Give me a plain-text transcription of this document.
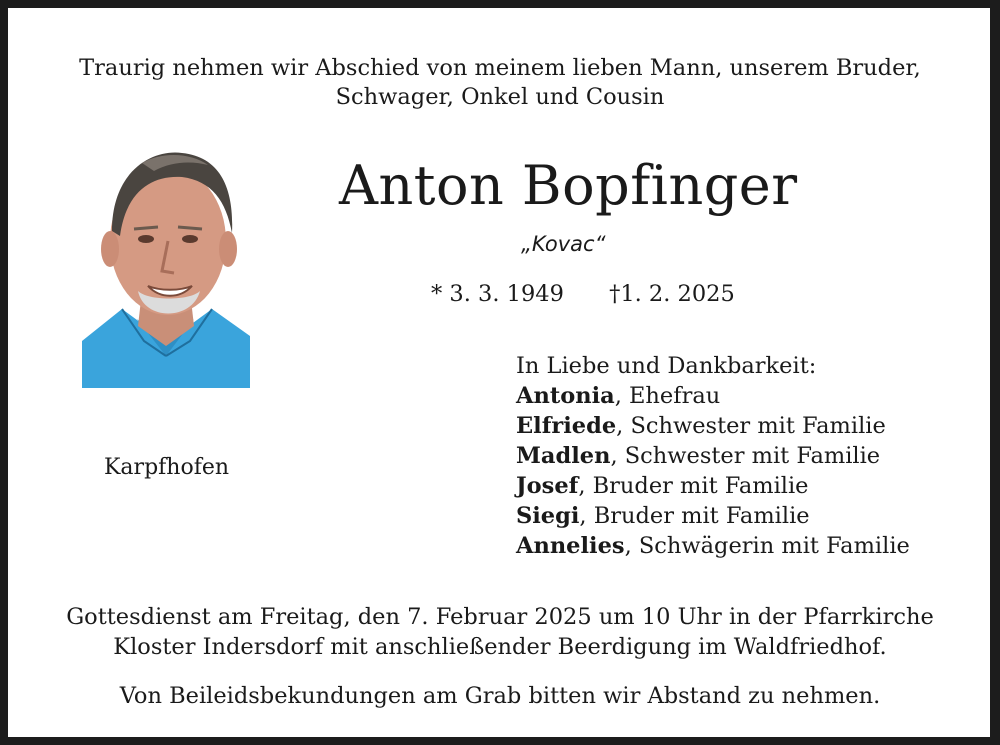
Traurig nehmen wir Abschied von meinem lieben Mann, unserem Bruder,
Schwager, Onkel und Cousin
Karpfhofen
Anton Bopfinger
„Kovac“
* 3. 3. 1949 †1. 2. 2025
In Liebe und Dankbarkeit:
Antonia, Ehefrau
Elfriede, Schwester mit Familie
Madlen, Schwester mit Familie
Josef, Bruder mit Familie
Siegi, Bruder mit Familie
Annelies, Schwägerin mit Familie
Gottesdienst am Freitag, den 7. Februar 2025 um 10 Uhr in der Pfarrkirche
Kloster Indersdorf mit anschließender Beerdigung im Waldfriedhof.
Von Beileidsbekundungen am Grab bitten wir Abstand zu nehmen.
